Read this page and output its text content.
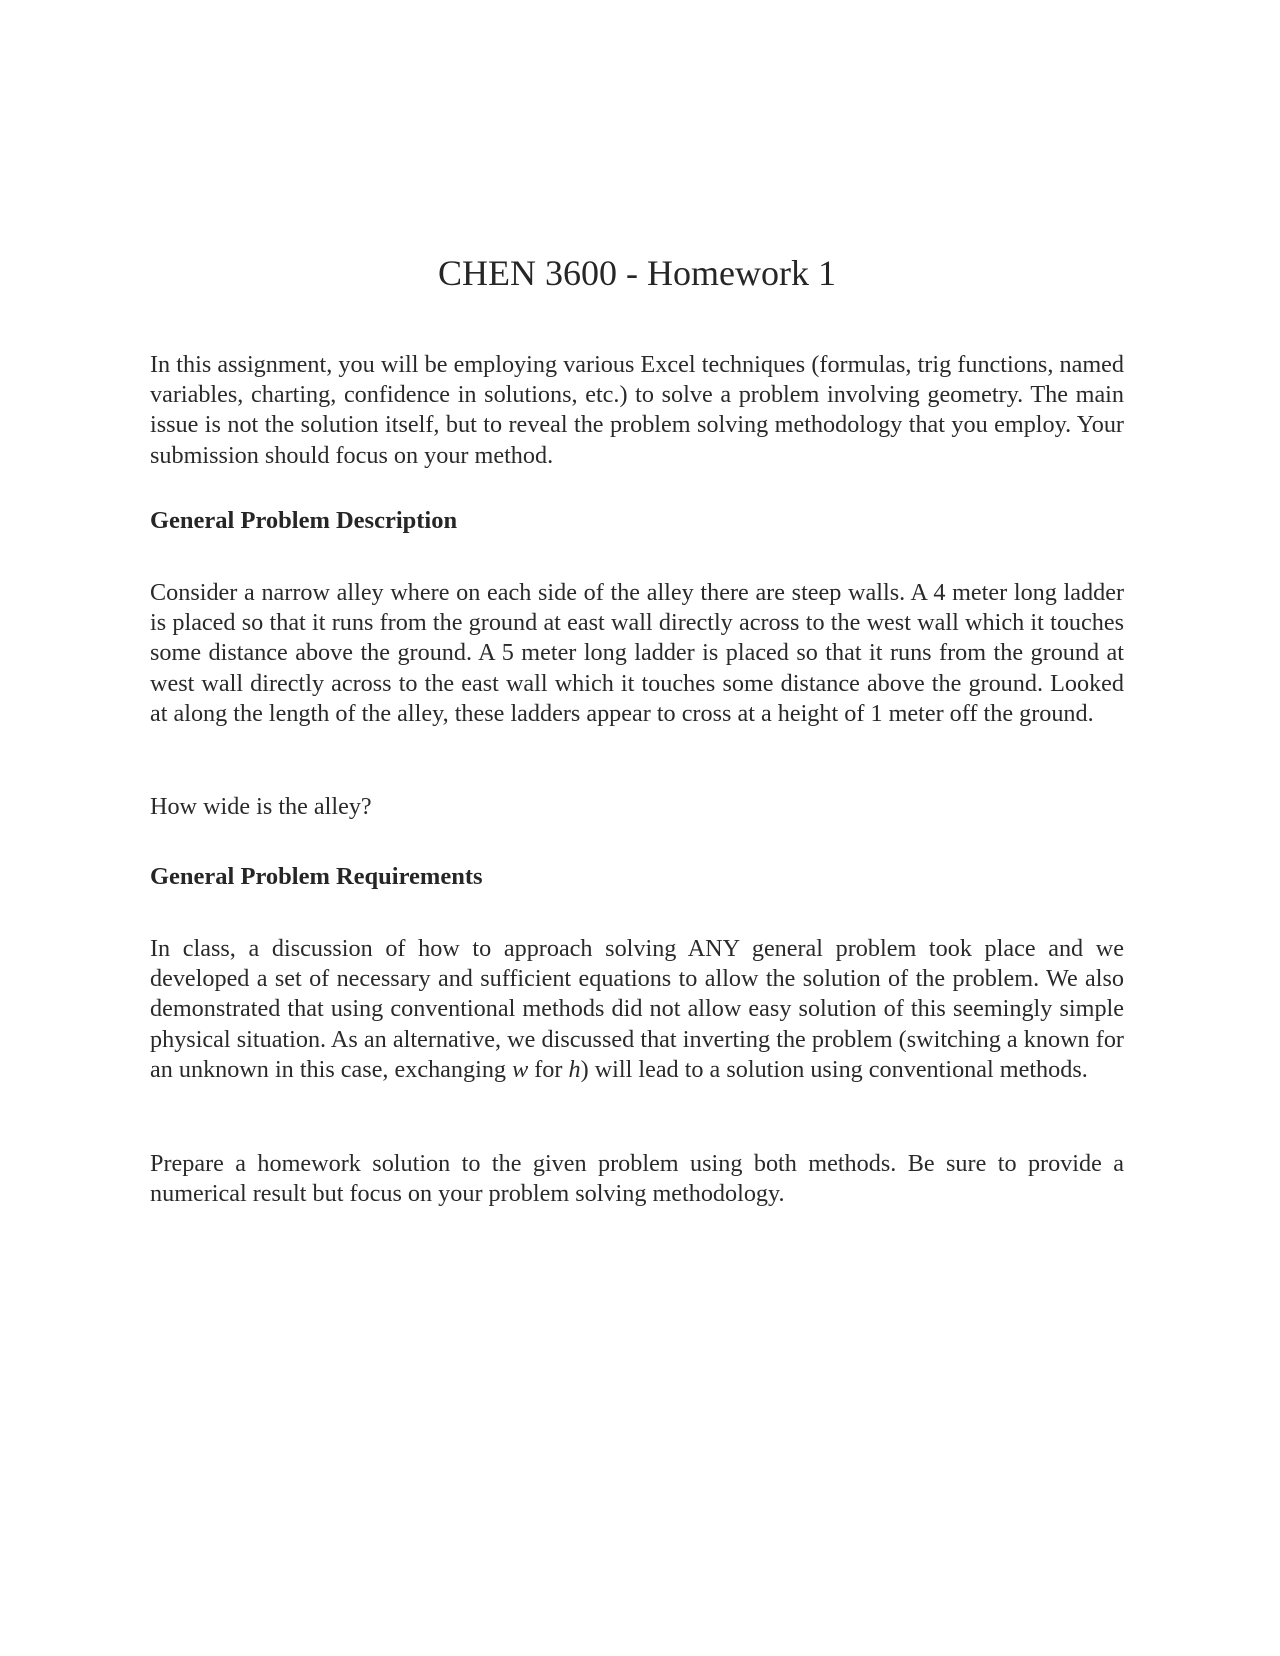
CHEN 3600 - Homework 1

In this assignment, you will be employing various Excel techniques (formulas, trig functions, named variables, charting, confidence in solutions, etc.) to solve a problem involving geometry. The main issue is not the solution itself, but to reveal the problem solving methodology that you employ. Your submission should focus on your method.

General Problem Description

Consider a narrow alley where on each side of the alley there are steep walls. A 4 meter long ladder is placed so that it runs from the ground at east wall directly across to the west wall which it touches some distance above the ground. A 5 meter long ladder is placed so that it runs from the ground at west wall directly across to the east wall which it touches some distance above the ground. Looked at along the length of the alley, these ladders appear to cross at a height of 1 meter off the ground.

How wide is the alley?

General Problem Requirements

In class, a discussion of how to approach solving ANY general problem took place and we developed a set of necessary and sufficient equations to allow the solution of the problem. We also demonstrated that using conventional methods did not allow easy solution of this seemingly simple physical situation. As an alternative, we discussed that inverting the problem (switching a known for an unknown in this case, exchanging w for h) will lead to a solution using conventional methods.

Prepare a homework solution to the given problem using both methods. Be sure to provide a numerical result but focus on your problem solving methodology.
